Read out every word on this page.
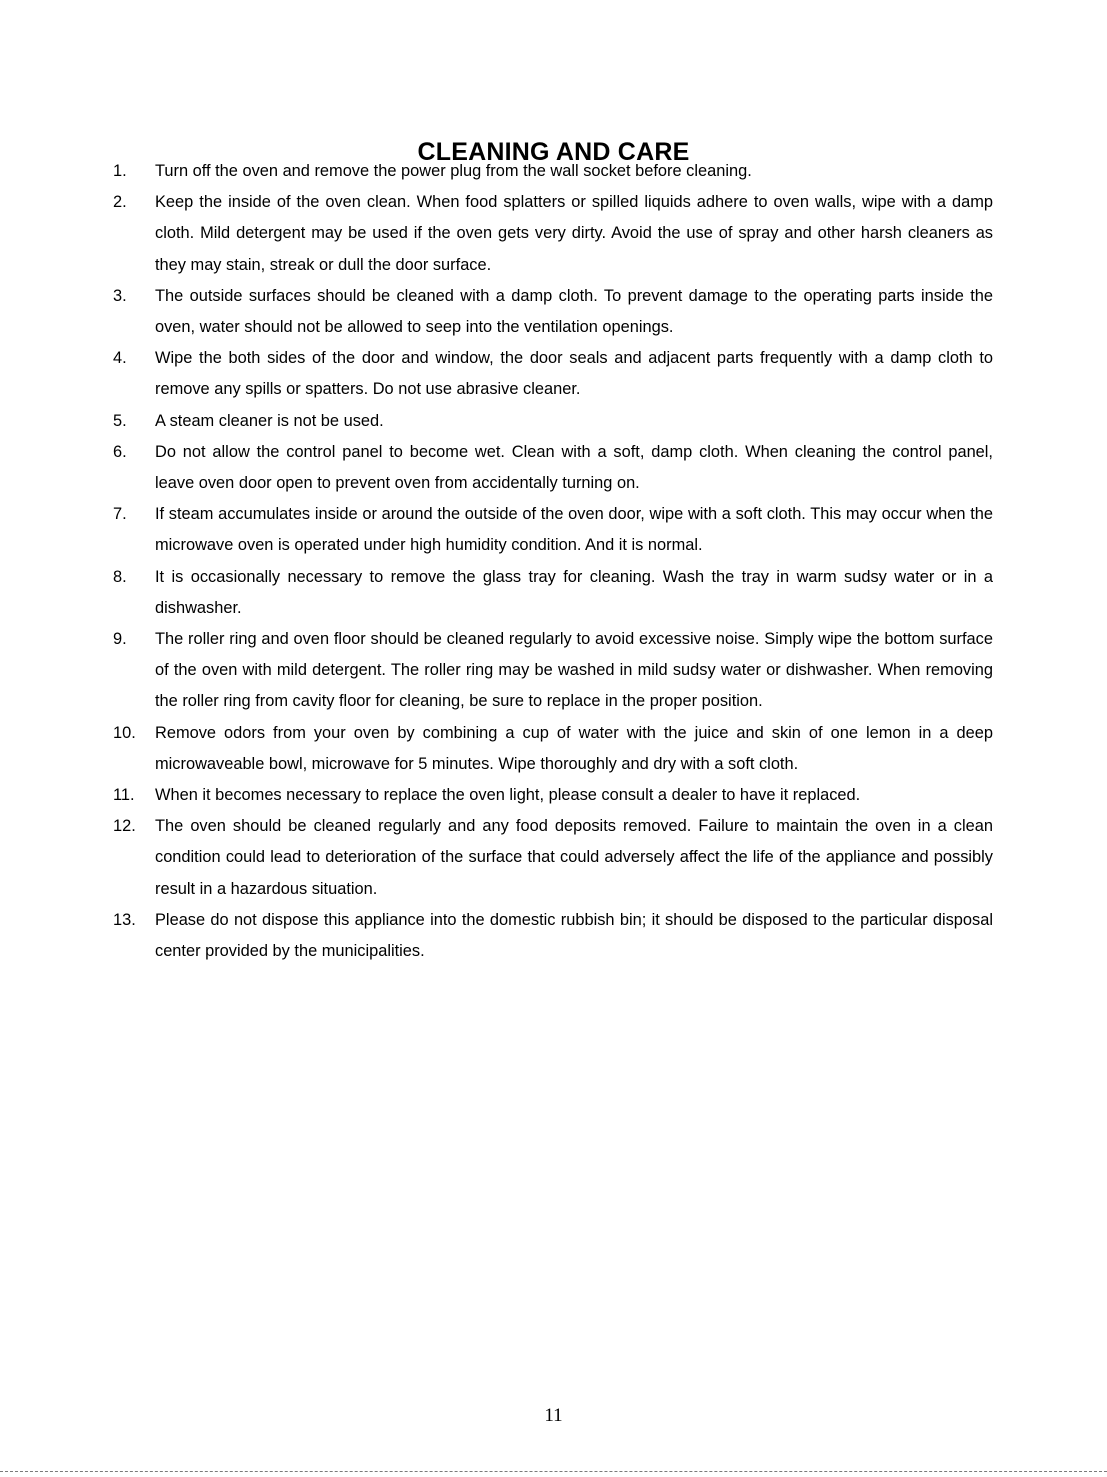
CLEANING AND CARE
1. Turn off the oven and remove the power plug from the wall socket before cleaning.
2. Keep the inside of the oven clean. When food splatters or spilled liquids adhere to oven walls, wipe with a damp cloth. Mild detergent may be used if the oven gets very dirty. Avoid the use of spray and other harsh cleaners as they may stain, streak or dull the door surface.
3. The outside surfaces should be cleaned with a damp cloth. To prevent damage to the operating parts inside the oven, water should not be allowed to seep into the ventilation openings.
4. Wipe the both sides of the door and window, the door seals and adjacent parts frequently with a damp cloth to remove any spills or spatters. Do not use abrasive cleaner.
5. A steam cleaner is not be used.
6. Do not allow the control panel to become wet. Clean with a soft, damp cloth. When cleaning the control panel, leave oven door open to prevent oven from accidentally turning on.
7. If steam accumulates inside or around the outside of the oven door, wipe with a soft cloth. This may occur when the microwave oven is operated under high humidity condition. And it is normal.
8. It is occasionally necessary to remove the glass tray for cleaning. Wash the tray in warm sudsy water or in a dishwasher.
9. The roller ring and oven floor should be cleaned regularly to avoid excessive noise. Simply wipe the bottom surface of the oven with mild detergent. The roller ring may be washed in mild sudsy water or dishwasher. When removing the roller ring from cavity floor for cleaning, be sure to replace in the proper position.
10. Remove odors from your oven by combining a cup of water with the juice and skin of one lemon in a deep microwaveable bowl, microwave for 5 minutes. Wipe thoroughly and dry with a soft cloth.
11. When it becomes necessary to replace the oven light, please consult a dealer to have it replaced.
12. The oven should be cleaned regularly and any food deposits removed. Failure to maintain the oven in a clean condition could lead to deterioration of the surface that could adversely affect the life of the appliance and possibly result in a hazardous situation.
13. Please do not dispose this appliance into the domestic rubbish bin; it should be disposed to the particular disposal center provided by the municipalities.
11
